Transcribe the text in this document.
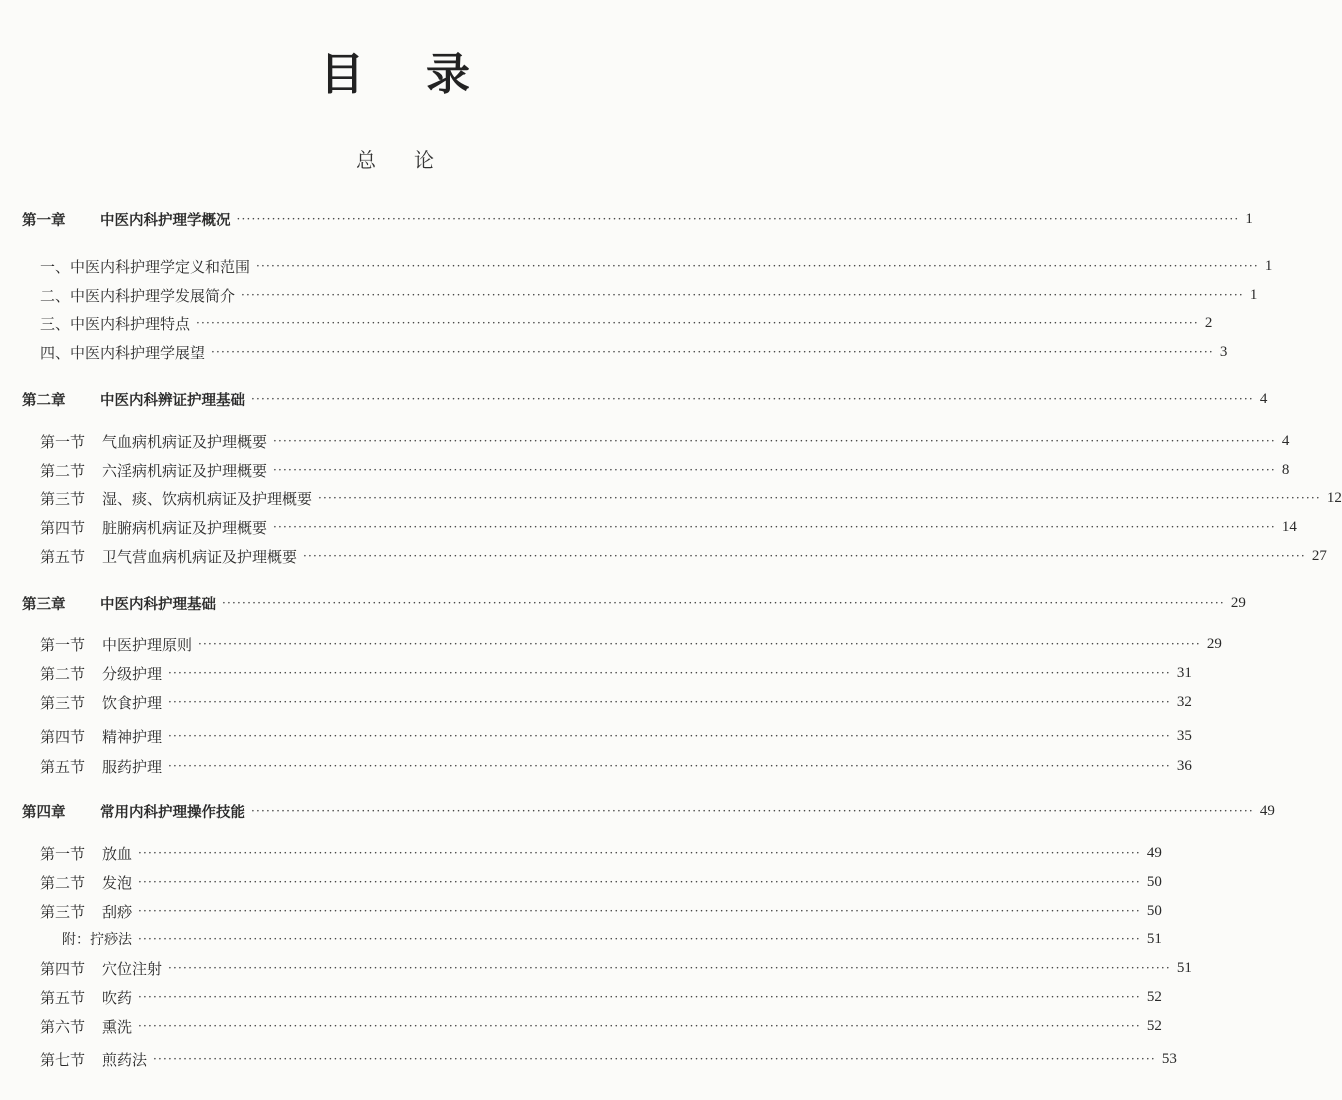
目录
总论
第一章	中医内科护理学概况 ········································································································································································································ 1
一、中医内科护理学定义和范围 ········································································································································································································ 1
二、中医内科护理学发展简介 ········································································································································································································ 1
三、中医内科护理特点 ········································································································································································································ 2
四、中医内科护理学展望 ········································································································································································································ 3
第二章	中医内科辨证护理基础 ········································································································································································································ 4
第一节	气血病机病证及护理概要 ········································································································································································································ 4
第二节	六淫病机病证及护理概要 ········································································································································································································ 8
第三节	湿、痰、饮病机病证及护理概要 ········································································································································································································ 12
第四节	脏腑病机病证及护理概要 ········································································································································································································ 14
第五节	卫气营血病机病证及护理概要 ········································································································································································································ 27
第三章	中医内科护理基础 ········································································································································································································ 29
第一节	中医护理原则 ········································································································································································································ 29
第二节	分级护理 ········································································································································································································ 31
第三节	饮食护理 ········································································································································································································ 32
第四节	精神护理 ········································································································································································································ 35
第五节	服药护理 ········································································································································································································ 36
第四章	常用内科护理操作技能 ········································································································································································································ 49
第一节	放血 ········································································································································································································ 49
第二节	发泡 ········································································································································································································ 50
第三节	刮痧 ········································································································································································································ 50
附：拧痧法 ········································································································································································································ 51
第四节	穴位注射 ········································································································································································································ 51
第五节	吹药 ········································································································································································································ 52
第六节	熏洗 ········································································································································································································ 52
第七节	煎药法 ········································································································································································································ 53
